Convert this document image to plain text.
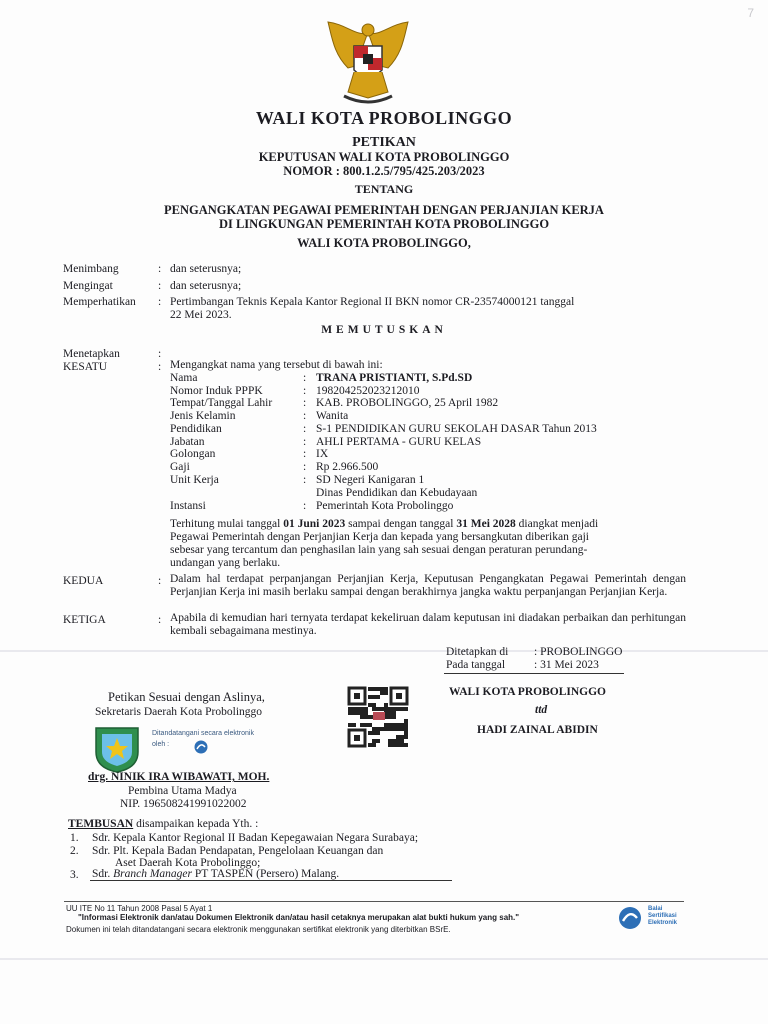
7
WALI KOTA PROBOLINGGO
PETIKAN
KEPUTUSAN WALI KOTA PROBOLINGGO
NOMOR : 800.1.2.5/795/425.203/2023
TENTANG
PENGANGKATAN PEGAWAI PEMERINTAH DENGAN PERJANJIAN KERJA
DI LINGKUNGAN PEMERINTAH KOTA PROBOLINGGO
WALI KOTA PROBOLINGGO,
Menimbang	: dan seterusnya;
Mengingat	: dan seterusnya;
Memperhatikan : Pertimbangan Teknis Kepala Kantor Regional II BKN nomor CR-23574000121 tanggal
22 Mei 2023.
MEMUTUSKAN
Menetapkan	:
KESATU	: Mengangkat nama yang tersebut di bawah ini:
Nama	: TRANA PRISTIANTI, S.Pd.SD
Nomor Induk PPPK	: 198204252023212010
Tempat/Tanggal Lahir	: KAB. PROBOLINGGO, 25 April 1982
Jenis Kelamin	: Wanita
Pendidikan	: S-1 PENDIDIKAN GURU SEKOLAH DASAR Tahun 2013
Jabatan	: AHLI PERTAMA - GURU KELAS
Golongan	: IX
Gaji	: Rp 2.966.500
Unit Kerja	: SD Negeri Kanigaran 1
Dinas Pendidikan dan Kebudayaan
Instansi	: Pemerintah Kota Probolinggo
Terhitung mulai tanggal 01 Juni 2023 sampai dengan tanggal 31 Mei 2028 diangkat menjadi
Pegawai Pemerintah dengan Perjanjian Kerja dan kepada yang bersangkutan diberikan gaji
sebesar yang tercantum dan penghasilan lain yang sah sesuai dengan peraturan perundang-
undangan yang berlaku.
KEDUA	: Dalam hal terdapat perpanjangan Perjanjian Kerja, Keputusan Pengangkatan Pegawai Pemerintah dengan Perjanjian Kerja ini masih berlaku sampai dengan berakhirnya jangka waktu perpanjangan Perjanjian Kerja.
KETIGA	: Apabila di kemudian hari ternyata terdapat kekeliruan dalam keputusan ini diadakan perbaikan dan perhitungan kembali sebagaimana mestinya.
Ditetapkan di : PROBOLINGGO
Pada tanggal	: 31 Mei 2023
WALI KOTA PROBOLINGGO
ttd
HADI ZAINAL ABIDIN
Petikan Sesuai dengan Aslinya,
Sekretaris Daerah Kota Probolinggo
Ditandatangani secara elektronik
oleh :
drg. NINIK IRA WIBAWATI, MOH.
Pembina Utama Madya
NIP. 196508241991022002
TEMBUSAN disampaikan kepada Yth. :
1. Sdr. Kepala Kantor Regional II Badan Kepegawaian Negara Surabaya;
2. Sdr. Plt. Kepala Badan Pendapatan, Pengelolaan Keuangan dan
Aset Daerah Kota Probolinggo;
3. Sdr. Branch Manager PT TASPEN (Persero) Malang.
UU ITE No 11 Tahun 2008 Pasal 5 Ayat 1
"Informasi Elektronik dan/atau Dokumen Elektronik dan/atau hasil cetaknya merupakan alat bukti hukum yang sah."
Dokumen ini telah ditandatangani secara elektronik menggunakan sertifikat elektronik yang diterbitkan BSrE.
Balai
Sertifikasi
Elektronik
